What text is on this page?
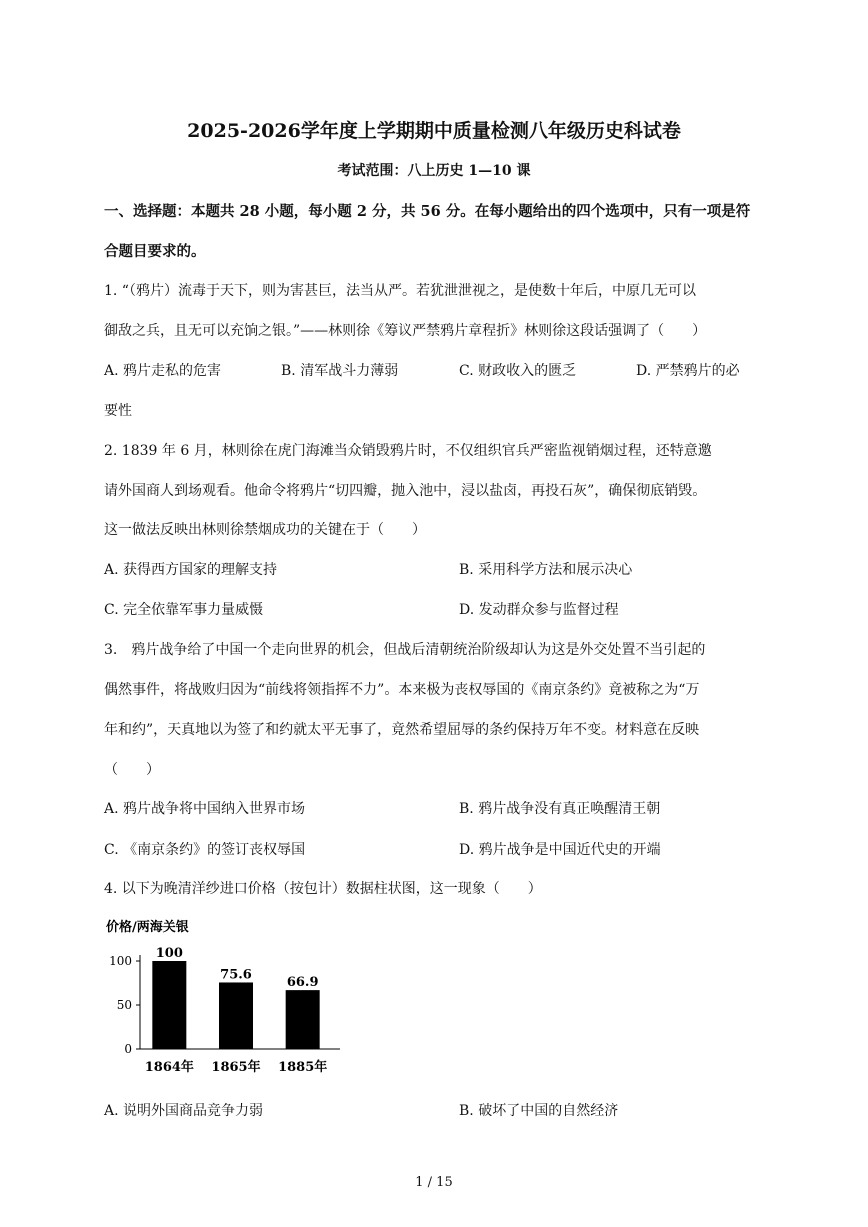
2025-2026学年度上学期期中质量检测八年级历史科试卷
考试范围：八上历史 1—10 课
一、选择题：本题共 28 小题，每小题 2 分，共 56 分。在每小题给出的四个选项中，只有一项是符
合题目要求的。
1. “（鸦片）流毒于天下，则为害甚巨，法当从严。若犹泄泄视之，是使数十年后，中原几无可以
御敌之兵，且无可以充饷之银。”——林则徐《筹议严禁鸦片章程折》林则徐这段话强调了（　　）
A. 鸦片走私的危害	B. 清军战斗力薄弱	C. 财政收入的匮乏	D. 严禁鸦片的必
要性
2. 1839 年 6 月，林则徐在虎门海滩当众销毁鸦片时，不仅组织官兵严密监视销烟过程，还特意邀
请外国商人到场观看。他命令将鸦片“切四瓣，抛入池中，浸以盐卤，再投石灰”，确保彻底销毁。
这一做法反映出林则徐禁烟成功的关键在于（　　）
A. 获得西方国家的理解支持	B. 采用科学方法和展示决心
C. 完全依靠军事力量威慑	D. 发动群众参与监督过程
3.　鸦片战争给了中国一个走向世界的机会，但战后清朝统治阶级却认为这是外交处置不当引起的
偶然事件，将战败归因为“前线将领指挥不力”。本来极为丧权辱国的《南京条约》竟被称之为“万
年和约”，天真地以为签了和约就太平无事了，竟然希望屈辱的条约保持万年不变。材料意在反映
（　　）
A. 鸦片战争将中国纳入世界市场	B. 鸦片战争没有真正唤醒清王朝
C. 《南京条约》的签订丧权辱国	D. 鸦片战争是中国近代史的开端
4. 以下为晚清洋纱进口价格（按包计）数据柱状图，这一现象（　　）
价格/两海关银
0
50
100 100
1864年
75.6
1865年
66.9
1885年
A. 说明外国商品竞争力弱	B. 破坏了中国的自然经济
1 / 15
